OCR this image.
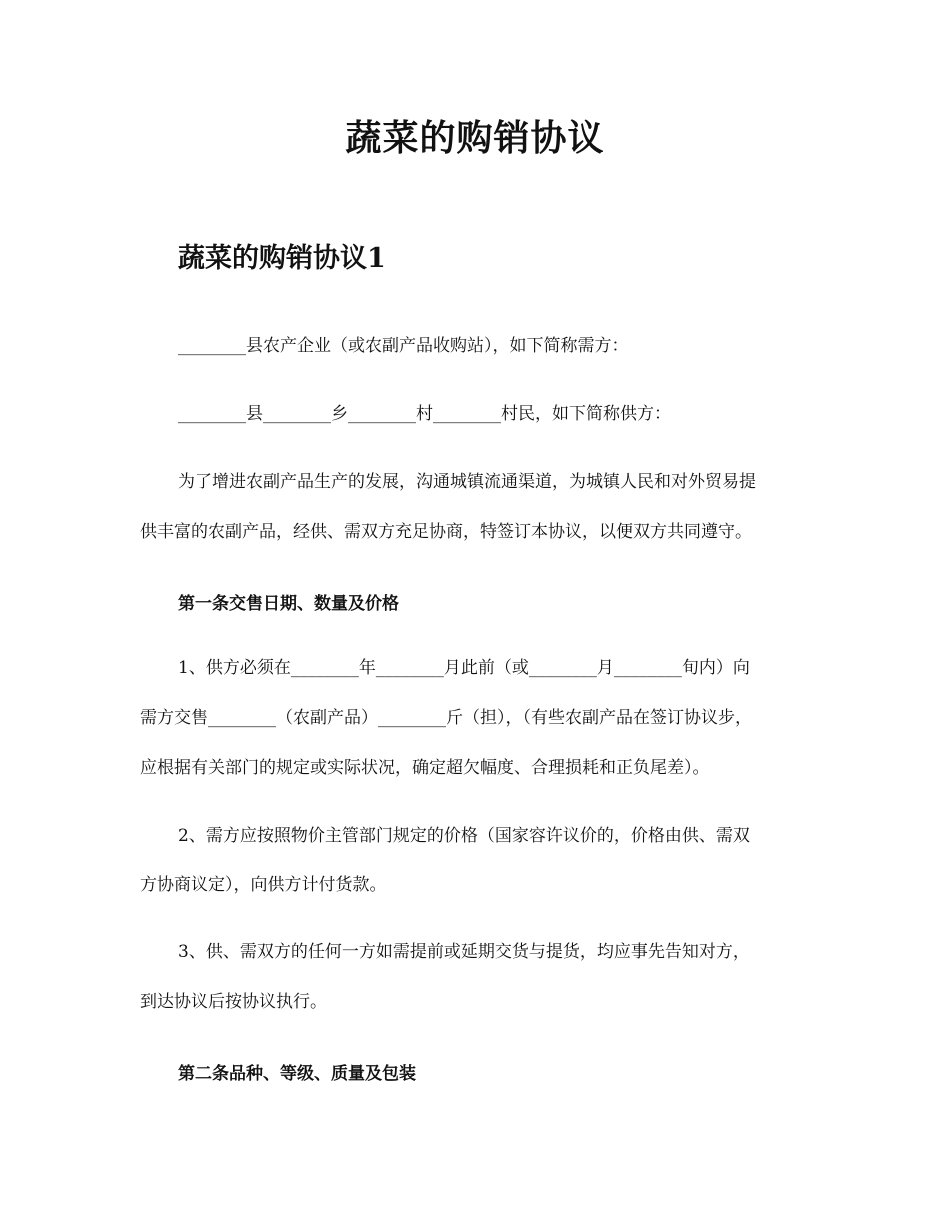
蔬菜的购销协议
蔬菜的购销协议1
________县农产企业（或农副产品收购站），如下简称需方：
________县________乡________村________村民，如下简称供方：
为了增进农副产品生产的发展，沟通城镇流通渠道，为城镇人民和对外贸易提
供丰富的农副产品，经供、需双方充足协商，特签订本协议，以便双方共同遵守。
第一条交售日期、数量及价格
1、供方必须在________年________月此前（或________月________旬内）向
需方交售________（农副产品）________斤（担），（有些农副产品在签订协议步，
应根据有关部门的规定或实际状况，确定超欠幅度、合理损耗和正负尾差）。
2、需方应按照物价主管部门规定的价格（国家容许议价的，价格由供、需双
方协商议定），向供方计付货款。
3、供、需双方的任何一方如需提前或延期交货与提货，均应事先告知对方，
到达协议后按协议执行。
第二条品种、等级、质量及包装
